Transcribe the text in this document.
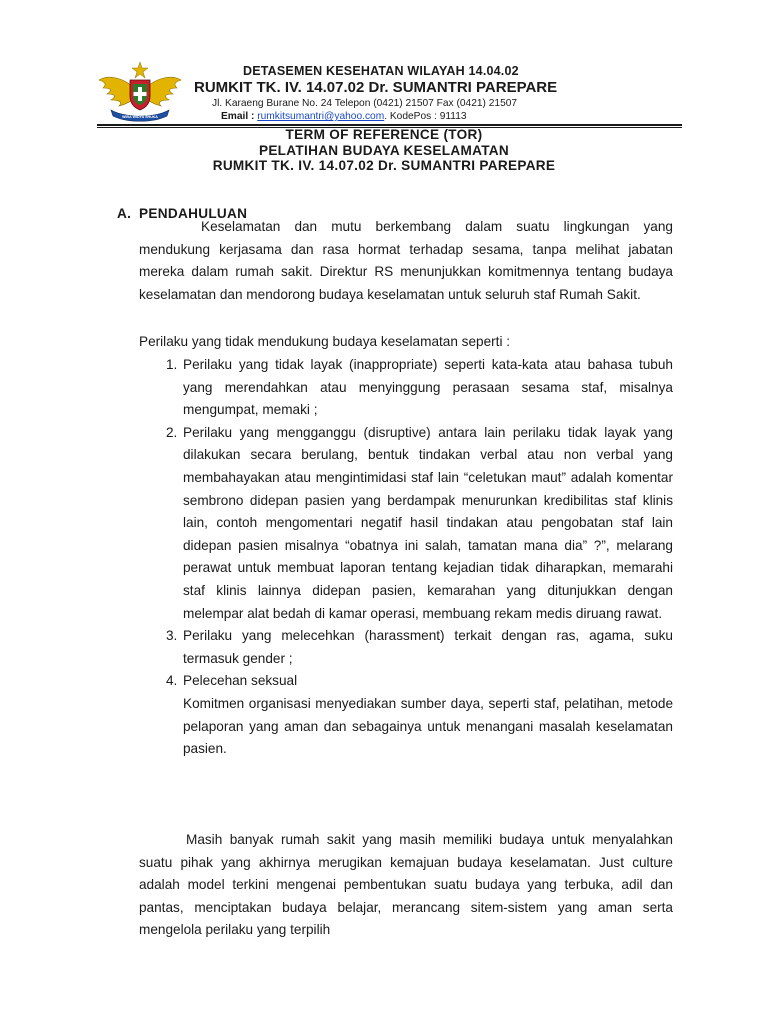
WIRA WIDYA SHUKA
DETASEMEN KESEHATAN WILAYAH 14.04.02
RUMKIT TK. IV. 14.07.02 Dr. SUMANTRI PAREPARE
Jl. Karaeng Burane No. 24 Telepon (0421) 21507 Fax (0421) 21507
Email : rumkitsumantri@yahoo.com. KodePos : 91113
TERM OF REFERENCE (TOR)
PELATIHAN BUDAYA KESELAMATAN
RUMKIT TK. IV. 14.07.02 Dr. SUMANTRI PAREPARE
A. PENDAHULUAN
Keselamatan dan mutu berkembang dalam suatu lingkungan yang mendukung kerjasama dan rasa hormat terhadap sesama, tanpa melihat jabatan mereka dalam rumah sakit. Direktur RS menunjukkan komitmennya tentang budaya keselamatan dan mendorong budaya keselamatan untuk seluruh staf Rumah Sakit.
Perilaku yang tidak mendukung budaya keselamatan seperti :
1. Perilaku yang tidak layak (inappropriate) seperti kata-kata atau bahasa tubuh yang merendahkan atau menyinggung perasaan sesama staf, misalnya mengumpat, memaki ;
2. Perilaku yang mengganggu (disruptive) antara lain perilaku tidak layak yang dilakukan secara berulang, bentuk tindakan verbal atau non verbal yang membahayakan atau mengintimidasi staf lain “celetukan maut” adalah komentar sembrono didepan pasien yang berdampak menurunkan kredibilitas staf klinis lain, contoh mengomentari negatif hasil tindakan atau pengobatan staf lain didepan pasien misalnya “obatnya ini salah, tamatan mana dia” ?”, melarang perawat untuk membuat laporan tentang kejadian tidak diharapkan, memarahi staf klinis lainnya didepan pasien, kemarahan yang ditunjukkan dengan melempar alat bedah di kamar operasi, membuang rekam medis diruang rawat.
3. Perilaku yang melecehkan (harassment) terkait dengan ras, agama, suku termasuk gender ;
4. Pelecehan seksual
Komitmen organisasi menyediakan sumber daya, seperti staf, pelatihan, metode pelaporan yang aman dan sebagainya untuk menangani masalah keselamatan pasien.
Masih banyak rumah sakit yang masih memiliki budaya untuk menyalahkan suatu pihak yang akhirnya merugikan kemajuan budaya keselamatan. Just culture adalah model terkini mengenai pembentukan suatu budaya yang terbuka, adil dan pantas, menciptakan budaya belajar, merancang sitem-sistem yang aman serta mengelola perilaku yang terpilih
